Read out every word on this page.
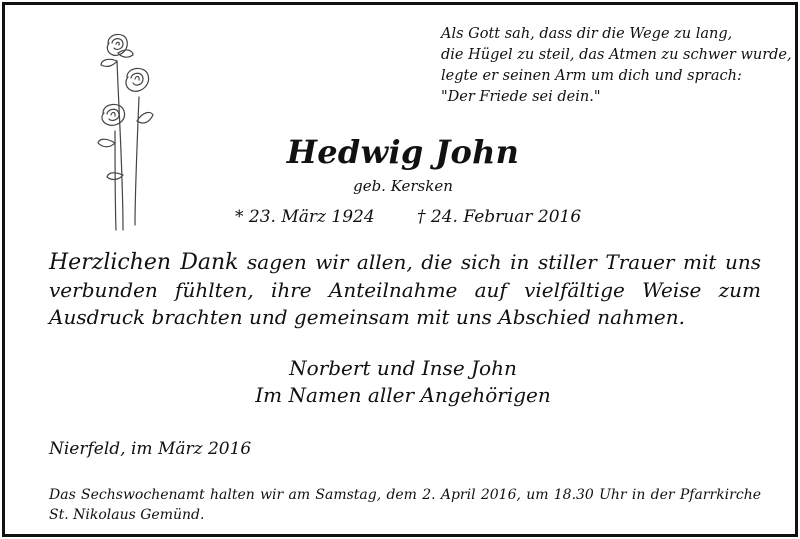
Als Gott sah, dass dir die Wege zu lang,
die Hügel zu steil, das Atmen zu schwer wurde,
legte er seinen Arm um dich und sprach:
"Der Friede sei dein."
Hedwig John
geb. Kersken
* 23. März 1924 † 24. Februar 2016
Herzlichen Dank sagen wir allen, die sich in stiller Trauer mit uns verbunden fühlten, ihre Anteilnahme auf vielfältige Weise zum Ausdruck brachten und gemeinsam mit uns Abschied nahmen.
Norbert und Inse John
Im Namen aller Angehörigen
Nierfeld, im März 2016
Das Sechswochenamt halten wir am Samstag, dem 2. April 2016, um 18.30 Uhr in der Pfarrkirche St. Nikolaus Gemünd.
